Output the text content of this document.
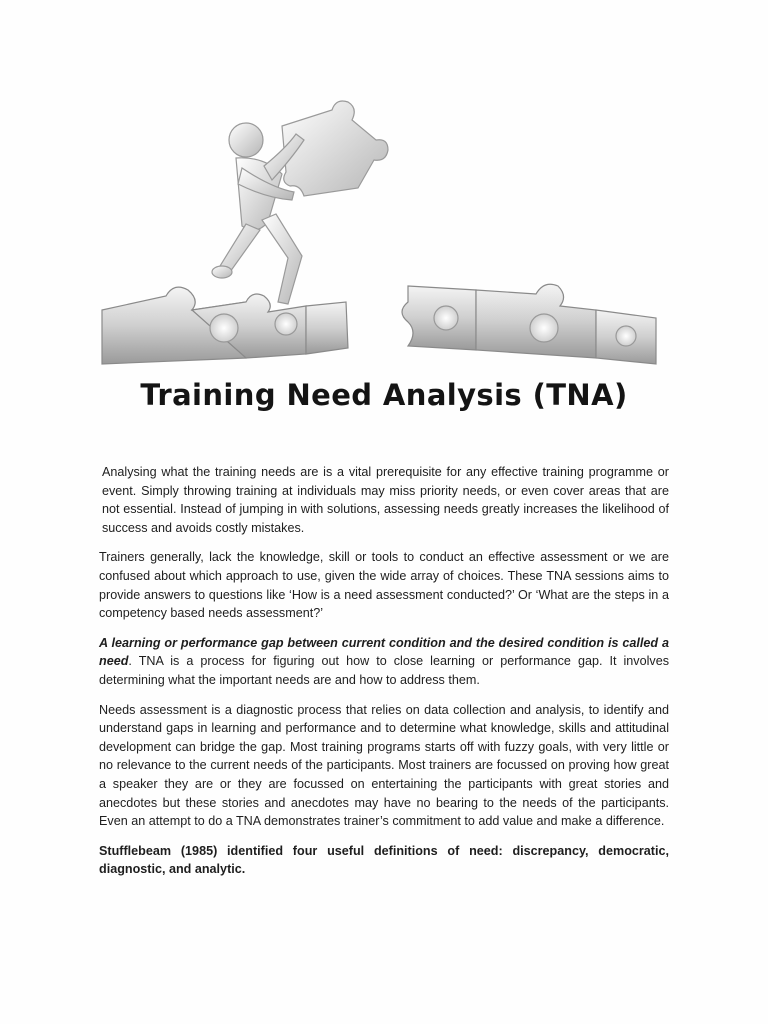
Training Need Analysis (TNA)

Analysing what the training needs are is a vital prerequisite for any effective training programme or event. Simply throwing training at individuals may miss priority needs, or even cover areas that are not essential. Instead of jumping in with solutions, assessing needs greatly increases the likelihood of success and avoids costly mistakes.

Trainers generally, lack the knowledge, skill or tools to conduct an effective assessment or we are confused about which approach to use, given the wide array of choices. These TNA sessions aims to provide answers to questions like ‘How is a need assessment conducted?’ Or ‘What are the steps in a competency based needs assessment?’

A learning or performance gap between current condition and the desired condition is called a need. TNA is a process for figuring out how to close learning or performance gap. It involves determining what the important needs are and how to address them.

Needs assessment is a diagnostic process that relies on data collection and analysis, to identify and understand gaps in learning and performance and to determine what knowledge, skills and attitudinal development can bridge the gap. Most training programs starts off with fuzzy goals, with very little or no relevance to the current needs of the participants. Most trainers are focussed on proving how great a speaker they are or they are focussed on entertaining the participants with great stories and anecdotes but these stories and anecdotes may have no bearing to the needs of the participants. Even an attempt to do a TNA demonstrates trainer’s commitment to add value and make a difference.

Stufflebeam (1985) identified four useful definitions of need: discrepancy, democratic, diagnostic, and analytic.
